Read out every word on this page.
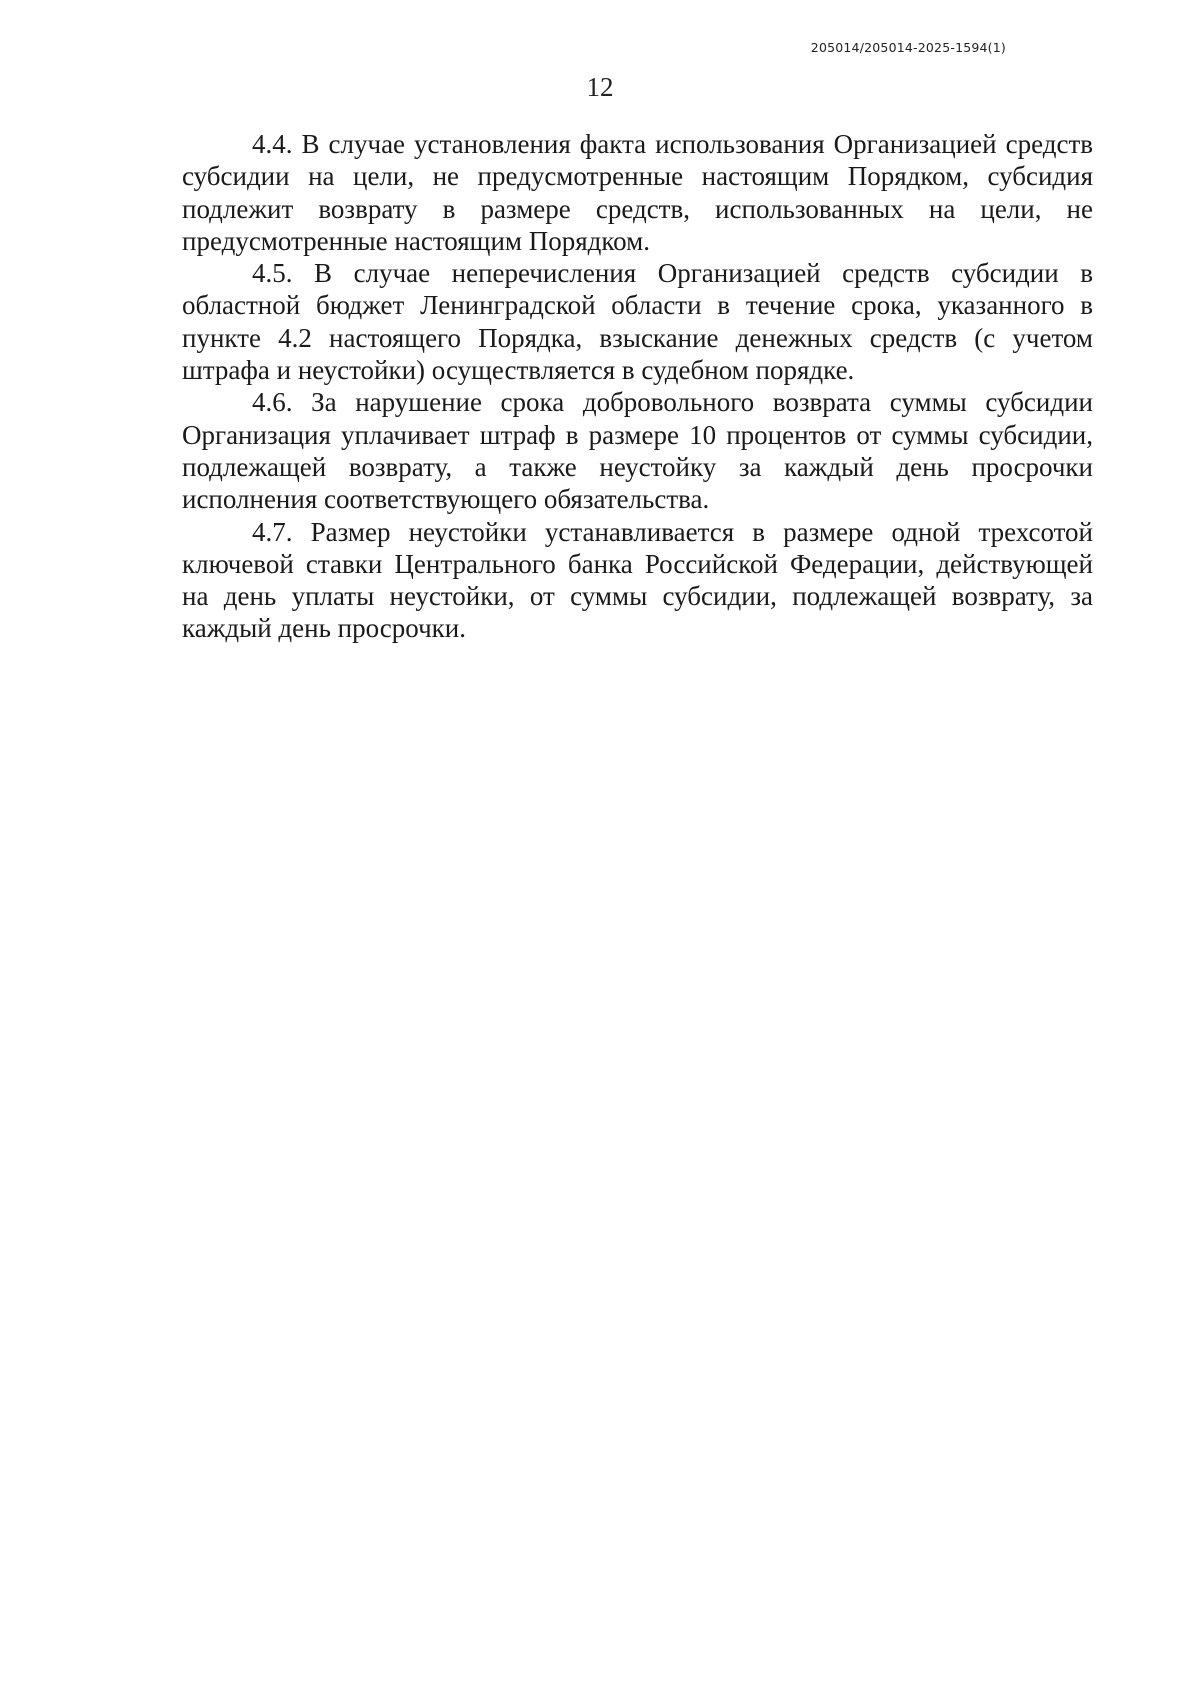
205014/205014-2025-1594(1)
12

4.4. В случае установления факта использования Организацией средств субсидии на цели, не предусмотренные настоящим Порядком, субсидия подлежит возврату в размере средств, использованных на цели, не предусмотренные настоящим Порядком.

4.5. В случае неперечисления Организацией средств субсидии в областной бюджет Ленинградской области в течение срока, указанного в пункте 4.2 настоящего Порядка, взыскание денежных средств (с учетом штрафа и неустойки) осуществляется в судебном порядке.

4.6. За нарушение срока добровольного возврата суммы субсидии Организация уплачивает штраф в размере 10 процентов от суммы субсидии, подлежащей возврату, а также неустойку за каждый день просрочки исполнения соответствующего обязательства.

4.7. Размер неустойки устанавливается в размере одной трехсотой ключевой ставки Центрального банка Российской Федерации, действующей на день уплаты неустойки, от суммы субсидии, подлежащей возврату, за каждый день просрочки.
